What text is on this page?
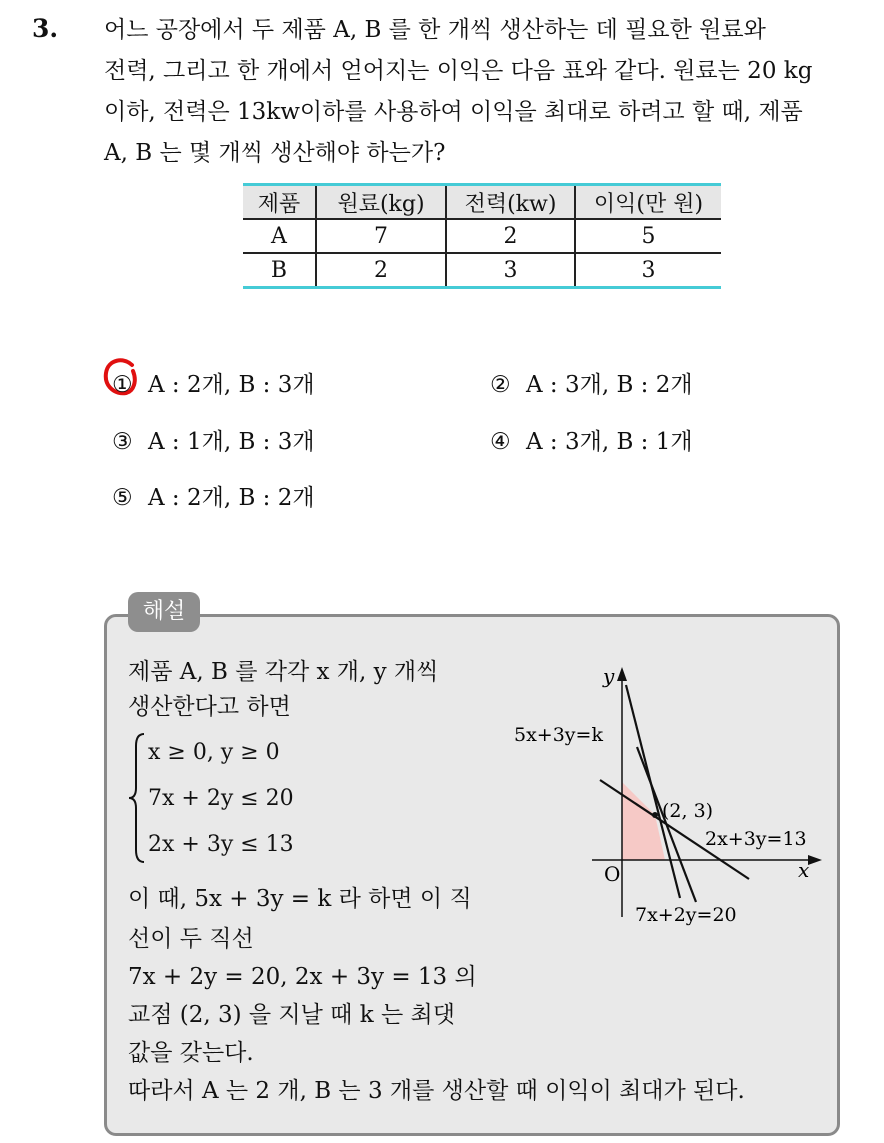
3. 어느 공장에서 두 제품 A, B 를 한 개씩 생산하는 데 필요한 원료와
전력, 그리고 한 개에서 얻어지는 이익은 다음 표와 같다. 원료는 20 kg
이하, 전력은 13kw이하를 사용하여 이익을 최대로 하려고 할 때, 제품
A, B 는 몇 개씩 생산해야 하는가?
제품	원료(kg)	전력(kw)	이익(만 원)
A	7	2	5
B	2	3	3
① A : 2개, B : 3개	② A : 3개, B : 2개
③ A : 1개, B : 3개	④ A : 3개, B : 1개
⑤ A : 2개, B : 2개
해설
제품 A, B 를 각각 x 개, y 개씩
생산한다고 하면
x ≥ 0, y ≥ 0
7x + 2y ≤ 20
2x + 3y ≤ 13
이 때, 5x + 3y = k 라 하면 이 직
선이 두 직선
7x + 2y = 20, 2x + 3y = 13 의
교점 (2, 3) 을 지날 때 k 는 최댓
값을 갖는다.
따라서 A 는 2 개, B 는 3 개를 생산할 때 이익이 최대가 된다.
y
x
O
5x+3y=k
(2, 3)
2x+3y=13
7x+2y=20
